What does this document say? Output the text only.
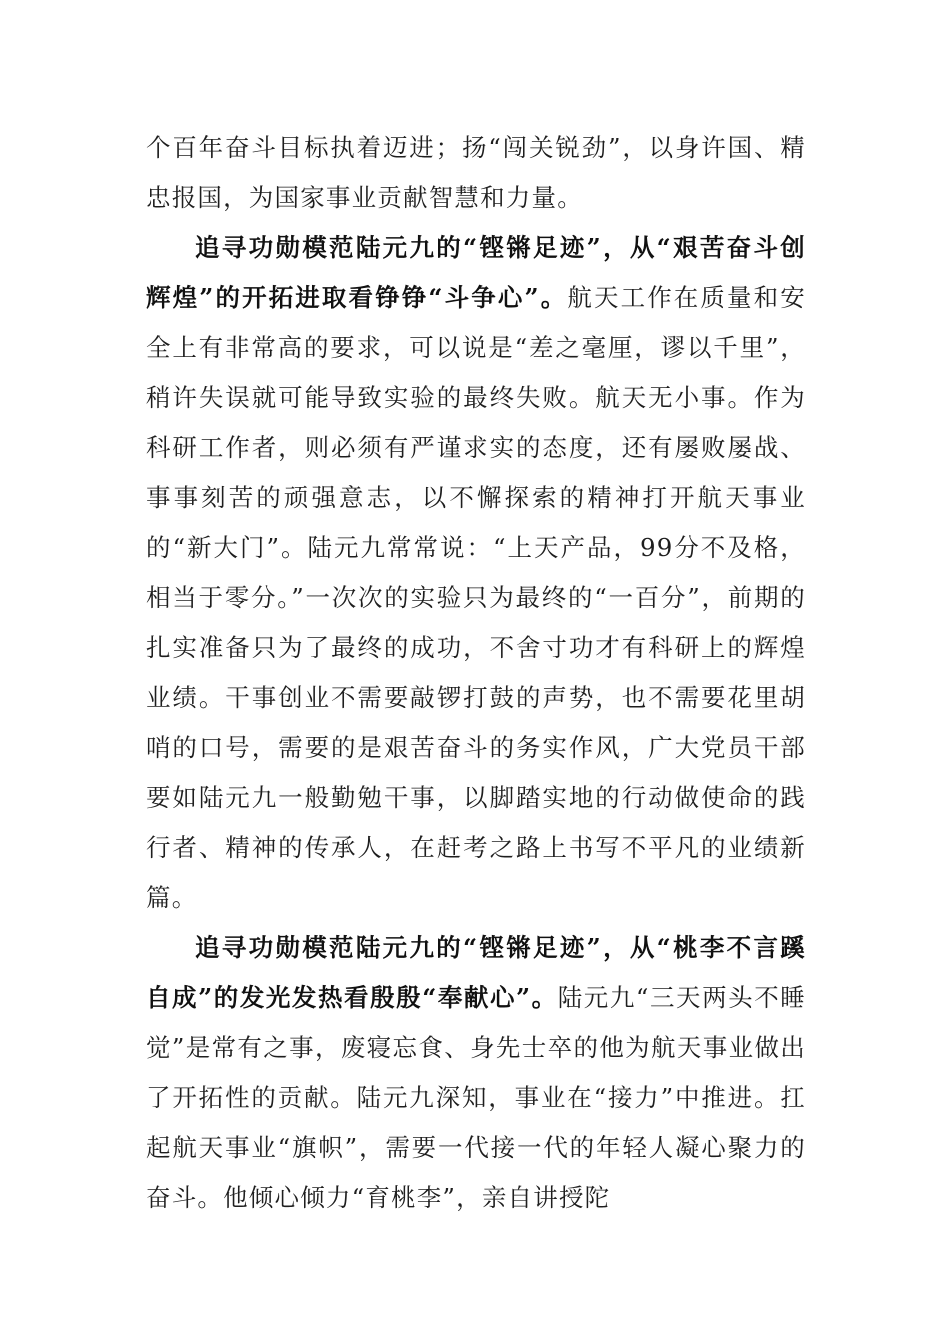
个百年奋斗目标执着迈进；扬“闯关锐劲”，以身许国、精忠报国，为国家事业贡献智慧和力量。

追寻功勋模范陆元九的“铿锵足迹”，从“艰苦奋斗创辉煌”的开拓进取看铮铮“斗争心”。航天工作在质量和安全上有非常高的要求，可以说是“差之毫厘，谬以千里”，稍许失误就可能导致实验的最终失败。航天无小事。作为科研工作者，则必须有严谨求实的态度，还有屡败屡战、事事刻苦的顽强意志，以不懈探索的精神打开航天事业的“新大门”。陆元九常常说：“上天产品，99分不及格，相当于零分。”一次次的实验只为最终的“一百分”，前期的扎实准备只为了最终的成功，不舍寸功才有科研上的辉煌业绩。干事创业不需要敲锣打鼓的声势，也不需要花里胡哨的口号，需要的是艰苦奋斗的务实作风，广大党员干部要如陆元九一般勤勉干事，以脚踏实地的行动做使命的践行者、精神的传承人，在赶考之路上书写不平凡的业绩新篇。

追寻功勋模范陆元九的“铿锵足迹”，从“桃李不言蹊自成”的发光发热看殷殷“奉献心”。陆元九“三天两头不睡觉”是常有之事，废寝忘食、身先士卒的他为航天事业做出了开拓性的贡献。陆元九深知，事业在“接力”中推进。扛起航天事业“旗帜”，需要一代接一代的年轻人凝心聚力的奋斗。他倾心倾力“育桃李”，亲自讲授陀
